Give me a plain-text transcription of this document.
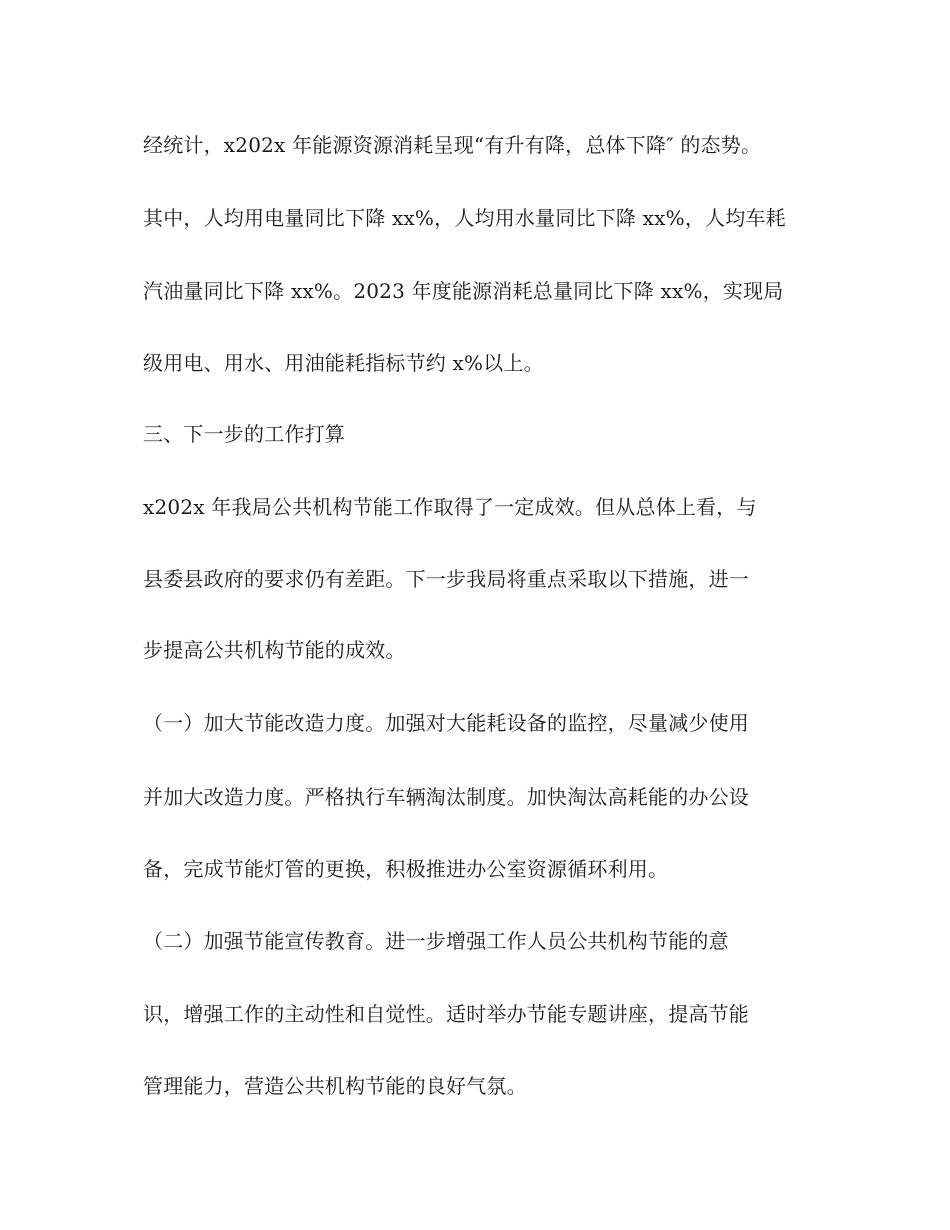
经统计，x202x 年能源资源消耗呈现“有升有降，总体下降″ 的态势。
其中，人均用电量同比下降 xx%，人均用水量同比下降 xx%，人均车耗
汽油量同比下降 xx%。2023 年度能源消耗总量同比下降 xx%，实现局
级用电、用水、用油能耗指标节约 x%以上。
三、下一步的工作打算
x202x 年我局公共机构节能工作取得了一定成效。但从总体上看，与
县委县政府的要求仍有差距。下一步我局将重点采取以下措施，进一
步提高公共机构节能的成效。
（一）加大节能改造力度。加强对大能耗设备的监控，尽量减少使用
并加大改造力度。严格执行车辆淘汰制度。加快淘汰高耗能的办公设
备，完成节能灯管的更换，积极推进办公室资源循环利用。
（二）加强节能宣传教育。进一步增强工作人员公共机构节能的意
识，增强工作的主动性和自觉性。适时举办节能专题讲座，提高节能
管理能力，营造公共机构节能的良好气氛。
